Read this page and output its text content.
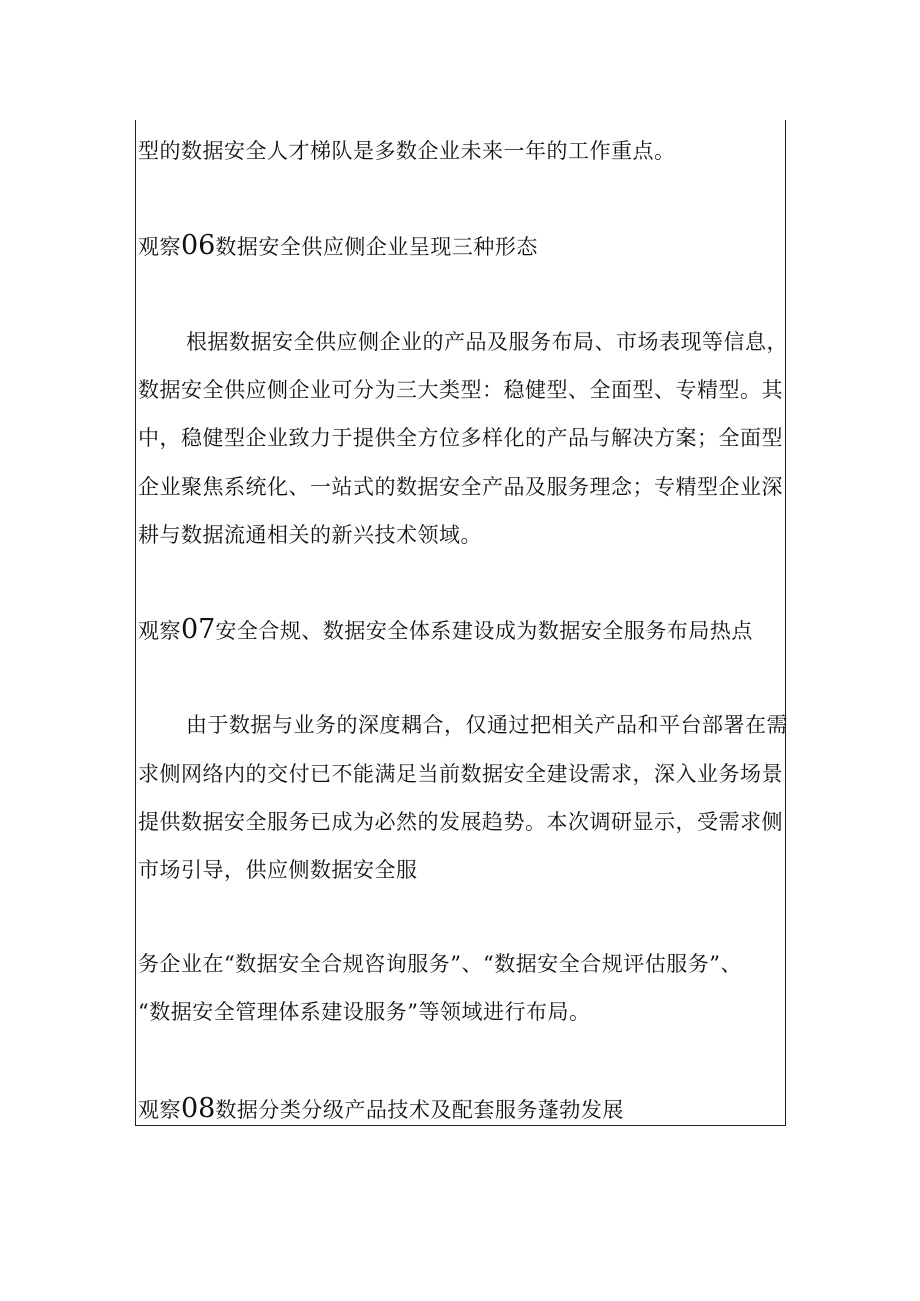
型的数据安全人才梯队是多数企业未来一年的工作重点。
观察06数据安全供应侧企业呈现三种形态
根据数据安全供应侧企业的产品及服务布局、市场表现等信息，
数据安全供应侧企业可分为三大类型：稳健型、全面型、专精型。其
中，稳健型企业致力于提供全方位多样化的产品与解决方案；全面型
企业聚焦系统化、一站式的数据安全产品及服务理念；专精型企业深
耕与数据流通相关的新兴技术领域。
观察07安全合规、数据安全体系建设成为数据安全服务布局热点
由于数据与业务的深度耦合，仅通过把相关产品和平台部署在需
求侧网络内的交付已不能满足当前数据安全建设需求，深入业务场景
提供数据安全服务已成为必然的发展趋势。本次调研显示，受需求侧
市场引导，供应侧数据安全服
务企业在“数据安全合规咨询服务”、“数据安全合规评估服务”、
“数据安全管理体系建设服务”等领域进行布局。
观察08数据分类分级产品技术及配套服务蓬勃发展
